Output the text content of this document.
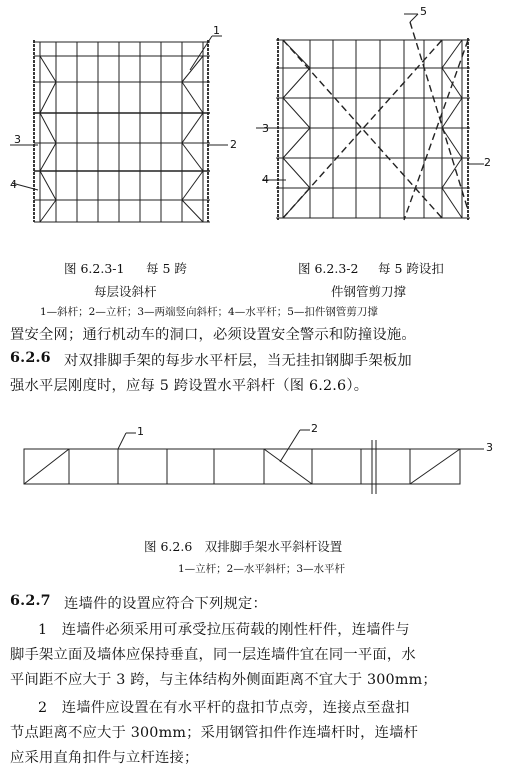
1
2
3
4
5
3
2
4
图 6.2.3-1 每 5 跨
每层设斜杆
图 6.2.3-2 每 5 跨设扣
件钢管剪刀撑
1—斜杆；2—立杆；3—两端竖向斜杆；4—水平杆；5—扣件钢管剪刀撑
置安全网；通行机动车的洞口，必须设置安全警示和防撞设施。
6.2.6 对双排脚手架的每步水平杆层，当无挂扣钢脚手架板加
强水平层刚度时，应每 5 跨设置水平斜杆（图 6.2.6）。
1	2
3
图 6.2.6　双排脚手架水平斜杆设置
1—立杆；2—水平斜杆；3—水平杆
6.2.7 连墙件的设置应符合下列规定：
1　连墙件必须采用可承受拉压荷载的刚性杆件，连墙件与
脚手架立面及墙体应保持垂直，同一层连墙件宜在同一平面，水
平间距不应大于 3 跨，与主体结构外侧面距离不宜大于 300mm；
2　连墙件应设置在有水平杆的盘扣节点旁，连接点至盘扣
节点距离不应大于 300mm；采用钢管扣件作连墙杆时，连墙杆
应采用直角扣件与立杆连接；
